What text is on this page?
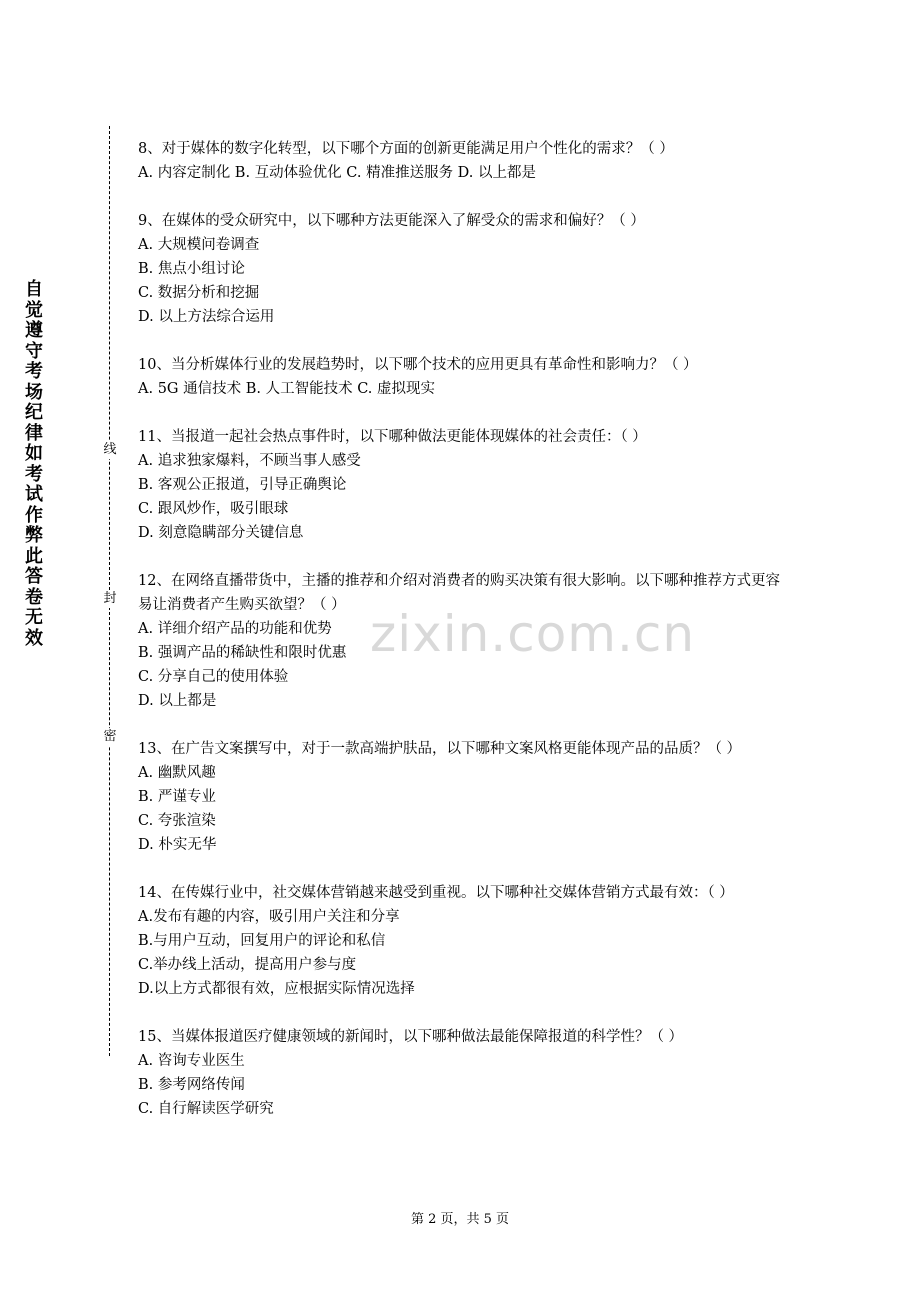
自觉遵守考场纪律如考试作弊此答卷无效
线
封
密
zixin.com.cn

8、对于媒体的数字化转型，以下哪个方面的创新更能满足用户个性化的需求？（ ）

A. 内容定制化 B. 互动体验优化 C. 精准推送服务 D. 以上都是

9、在媒体的受众研究中，以下哪种方法更能深入了解受众的需求和偏好？（ ）

A. 大规模问卷调查

B. 焦点小组讨论

C. 数据分析和挖掘

D. 以上方法综合运用

10、当分析媒体行业的发展趋势时，以下哪个技术的应用更具有革命性和影响力？（ ）

A. 5G 通信技术 B. 人工智能技术 C. 虚拟现实

11、当报道一起社会热点事件时，以下哪种做法更能体现媒体的社会责任：（ ）

A. 追求独家爆料，不顾当事人感受

B. 客观公正报道，引导正确舆论

C. 跟风炒作，吸引眼球

D. 刻意隐瞒部分关键信息

12、在网络直播带货中，主播的推荐和介绍对消费者的购买决策有很大影响。以下哪种推荐方式更容易让消费者产生购买欲望？（ ）

A. 详细介绍产品的功能和优势

B. 强调产品的稀缺性和限时优惠

C. 分享自己的使用体验

D. 以上都是

13、在广告文案撰写中，对于一款高端护肤品，以下哪种文案风格更能体现产品的品质？（ ）

A. 幽默风趣

B. 严谨专业

C. 夸张渲染

D. 朴实无华

14、在传媒行业中，社交媒体营销越来越受到重视。以下哪种社交媒体营销方式最有效：（ ）

A.发布有趣的内容，吸引用户关注和分享

B.与用户互动，回复用户的评论和私信

C.举办线上活动，提高用户参与度

D.以上方式都很有效，应根据实际情况选择

15、当媒体报道医疗健康领域的新闻时，以下哪种做法最能保障报道的科学性？（ ）

A. 咨询专业医生

B. 参考网络传闻

C. 自行解读医学研究

第 2 页，共 5 页
